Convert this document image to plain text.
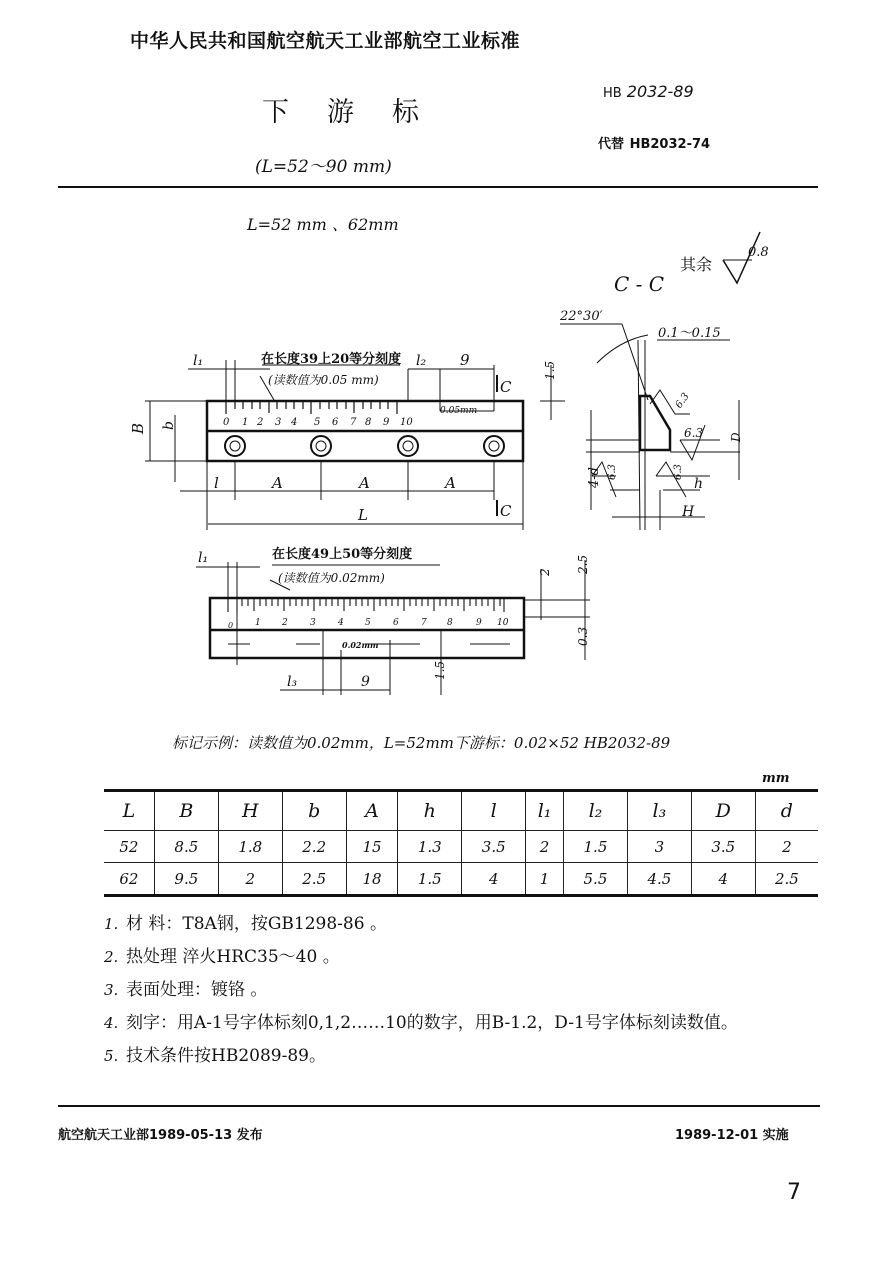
中华人民共和国航空航天工业部航空工业标准
下游标
(L=52～90 mm)
HB 2032-89
代替 HB2032-74
L=52 mm 、62mm
其余
C - C
0.8
在长度39上20等分刻度
(读数值为0.05 mm)
l₁	l₂ 9
C
C
0.05mm
0 1 2 3 4 5 6 7 8 9 10
B b
l	A	A	A
L
1.5
22°30′
0.1～0.15
6.3
6.3
6.3	6.3
D
h
H
4-d
在长度49上50等分刻度
(读数值为0.02mm)
l₁
0 1 2 3 4 5 6 7 8	9 10
0.02mm
l₃	9
1.5
2 2.5
0.3
标记示例：读数值为0.02mm，L=52mm下游标：0.02×52 HB2032-89
mm
L	B	H	b	A	h	l	l₁	l₂	l₃	D	d
52	8.5	1.8	2.2	15	1.3	3.5	2	1.5	3	3.5	2
62	9.5	2	2.5	18	1.5	4	1	5.5	4.5	4	2.5
1. 材 料：T8A钢，按GB1298-86 。
2. 热处理 淬火HRC35～40 。
3. 表面处理：镀铬 。
4. 刻字：用A-1号字体标刻0,1,2……10的数字，用B-1.2，D-1号字体标刻读数值。
5. 技术条件按HB2089-89。
航空航天工业部1989-05-13 发布	1989-12-01 实施
7
